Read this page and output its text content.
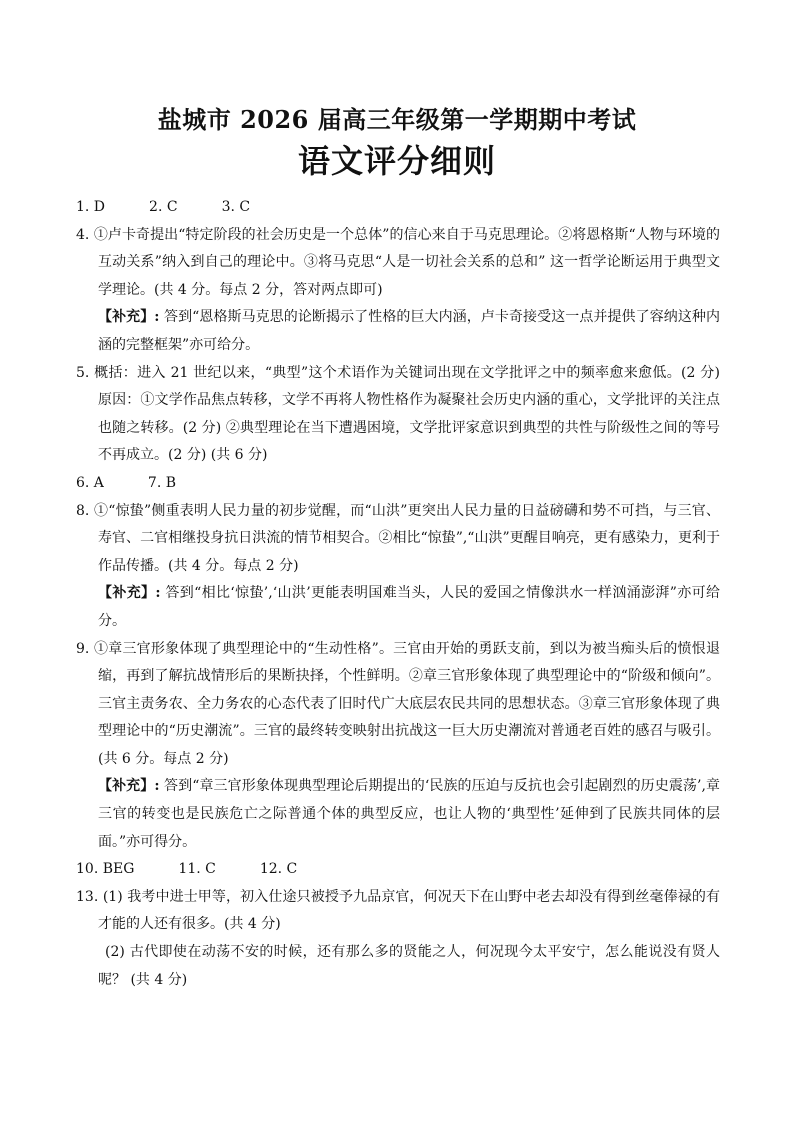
盐城市 2026 届高三年级第一学期期中考试
语文评分细则
1. D	2. C	3. C
4. ①卢卡奇提出“特定阶段的社会历史是一个总体”的信心来自于马克思理论。②将恩格斯“人物与环境的互动关系”纳入到自己的理论中。③将马克思“人是一切社会关系的总和” 这一哲学论断运用于典型文学理论。(共 4 分。每点 2 分，答对两点即可)
【补充】: 答到“恩格斯马克思的论断揭示了性格的巨大内涵，卢卡奇接受这一点并提供了容纳这种内涵的完整框架”亦可给分。
5. 概括：进入 21 世纪以来，“典型”这个术语作为关键词出现在文学批评之中的频率愈来愈低。(2 分) 原因：①文学作品焦点转移，文学不再将人物性格作为凝聚社会历史内涵的重心，文学批评的关注点也随之转移。(2 分) ②典型理论在当下遭遇困境，文学批评家意识到典型的共性与阶级性之间的等号不再成立。(2 分) (共 6 分)
6. A	7. B
8. ①“惊蛰”侧重表明人民力量的初步觉醒，而“山洪”更突出人民力量的日益磅礴和势不可挡，与三官、寿官、二官相继投身抗日洪流的情节相契合。②相比“惊蛰”,“山洪”更醒目响亮，更有感染力，更利于作品传播。(共 4 分。每点 2 分)
【补充】: 答到“相比‘惊蛰’,‘山洪’更能表明国难当头，人民的爱国之情像洪水一样汹涌澎湃”亦可给分。
9. ①章三官形象体现了典型理论中的“生动性格”。三官由开始的勇跃支前，到以为被当痴头后的愤恨退缩，再到了解抗战情形后的果断抉择，个性鲜明。②章三官形象体现了典型理论中的“阶级和倾向”。三官主责务农、全力务农的心态代表了旧时代广大底层农民共同的思想状态。③章三官形象体现了典型理论中的“历史潮流”。三官的最终转变映射出抗战这一巨大历史潮流对普通老百姓的感召与吸引。(共 6 分。每点 2 分)
【补充】: 答到“章三官形象体现典型理论后期提出的‘民族的压迫与反抗也会引起剧烈的历史震荡’,章三官的转变也是民族危亡之际普通个体的典型反应，也让人物的‘典型性’延伸到了民族共同体的层面。”亦可得分。
10. BEG	11. C	12. C
13. (1) 我考中进士甲等，初入仕途只被授予九品京官，何况天下在山野中老去却没有得到丝毫俸禄的有才能的人还有很多。(共 4 分)
(2) 古代即使在动荡不安的时候，还有那么多的贤能之人，何况现今太平安宁，怎么能说没有贤人呢？ (共 4 分)
